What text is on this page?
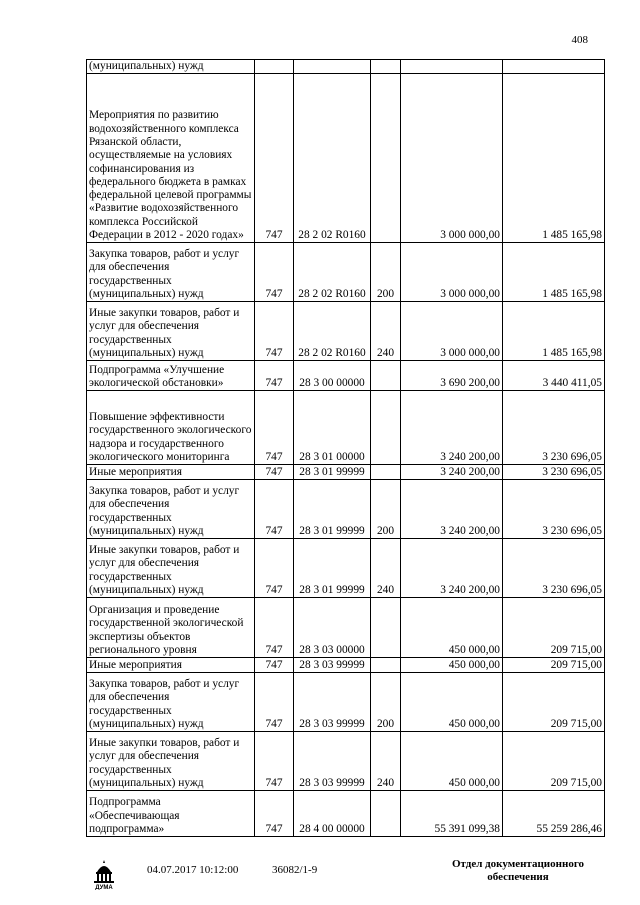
408
(муниципальных) нужд					
Мероприятия по развитию водохозяйственного комплекса Рязанской области, осуществляемые на условиях софинансирования из федерального бюджета в рамках федеральной целевой программы «Развитие водохозяйственного комплекса Российской Федерации в 2012 - 2020 годах»	747	28 2 02 R0160		3 000 000,00	1 485 165,98
Закупка товаров, работ и услуг для обеспечения государственных (муниципальных) нужд	747	28 2 02 R0160	200	3 000 000,00	1 485 165,98
Иные закупки товаров, работ и услуг для обеспечения государственных (муниципальных) нужд	747	28 2 02 R0160	240	3 000 000,00	1 485 165,98
Подпрограмма «Улучшение экологической обстановки»	747	28 3 00 00000		3 690 200,00	3 440 411,05
Повышение эффективности государственного экологического надзора и государственного экологического мониторинга	747	28 3 01 00000		3 240 200,00	3 230 696,05
Иные мероприятия	747	28 3 01 99999		3 240 200,00	3 230 696,05
Закупка товаров, работ и услуг для обеспечения государственных (муниципальных) нужд	747	28 3 01 99999	200	3 240 200,00	3 230 696,05
Иные закупки товаров, работ и услуг для обеспечения государственных (муниципальных) нужд	747	28 3 01 99999	240	3 240 200,00	3 230 696,05
Организация и проведение государственной экологической экспертизы объектов регионального уровня	747	28 3 03 00000		450 000,00	209 715,00
Иные мероприятия	747	28 3 03 99999		450 000,00	209 715,00
Закупка товаров, работ и услуг для обеспечения государственных (муниципальных) нужд	747	28 3 03 99999	200	450 000,00	209 715,00
Иные закупки товаров, работ и услуг для обеспечения государственных (муниципальных) нужд	747	28 3 03 99999	240	450 000,00	209 715,00
Подпрограмма «Обеспечивающая подпрограмма»	747	28 4 00 00000		55 391 099,38	55 259 286,46
ДУМА
04.07.2017 10:12:00	36082/1-9	Отдел документационного
обеспечения
